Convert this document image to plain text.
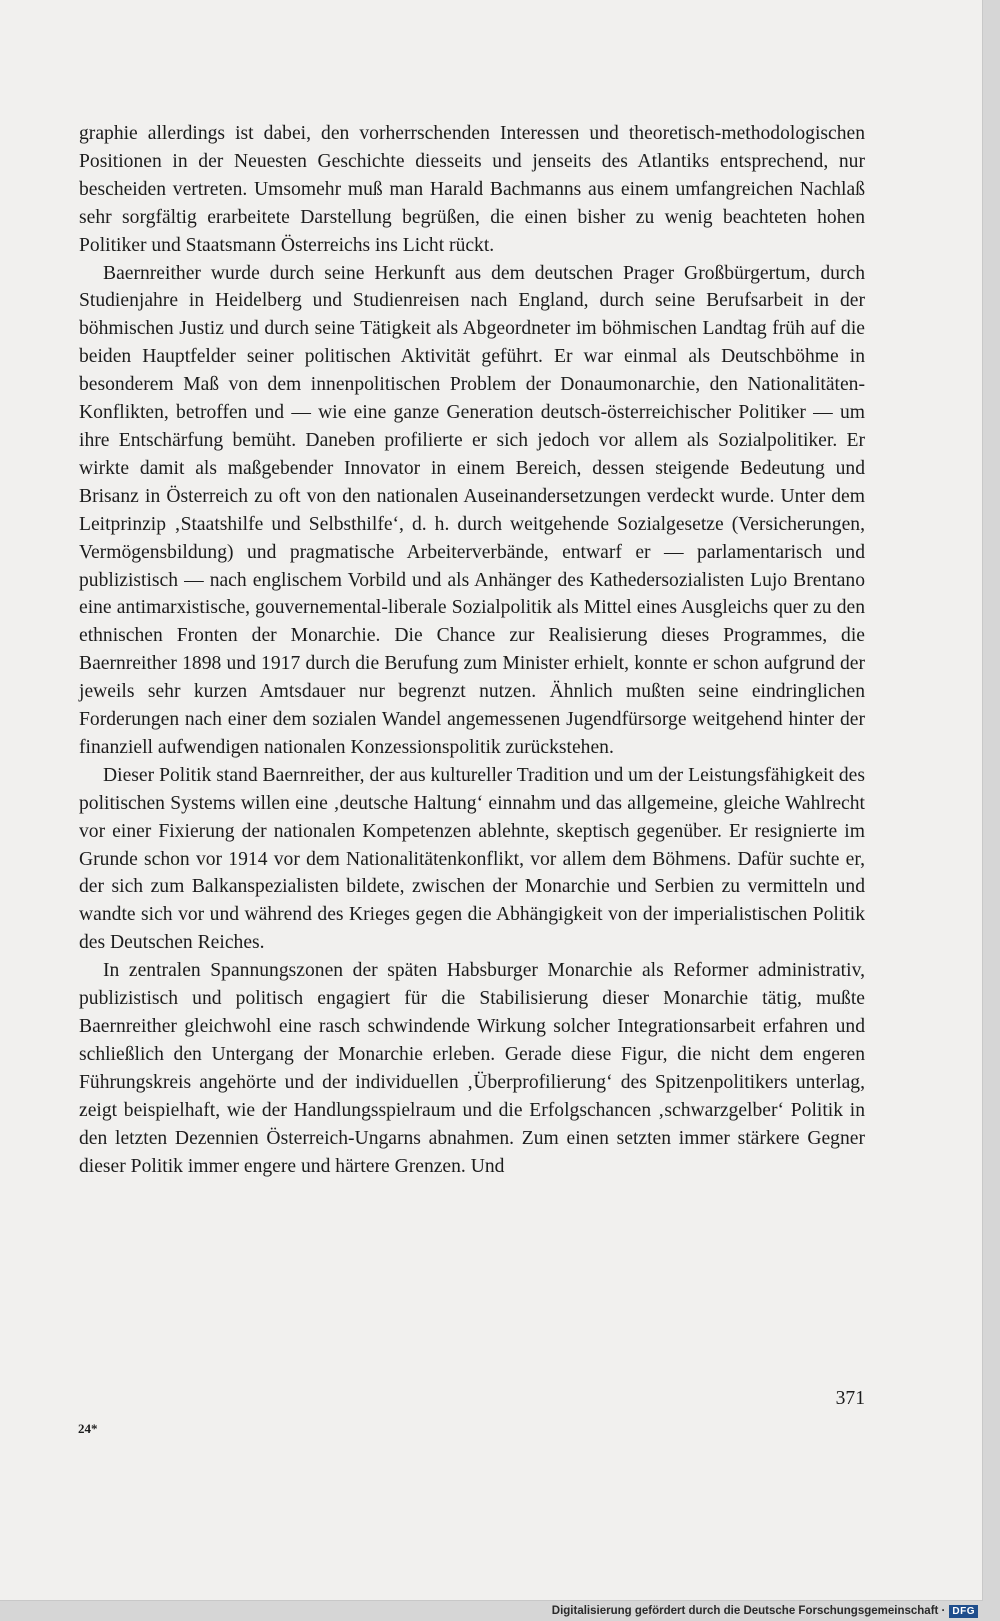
graphie allerdings ist dabei, den vorherrschenden Interessen und theoretisch-methodologischen Positionen in der Neuesten Geschichte diesseits und jenseits des Atlantiks entsprechend, nur bescheiden vertreten. Umsomehr muß man Harald Bachmanns aus einem umfangreichen Nachlaß sehr sorgfältig erarbeitete Darstellung begrüßen, die einen bisher zu wenig beachteten hohen Politiker und Staatsmann Österreichs ins Licht rückt.

Baernreither wurde durch seine Herkunft aus dem deutschen Prager Großbürgertum, durch Studienjahre in Heidelberg und Studienreisen nach England, durch seine Berufsarbeit in der böhmischen Justiz und durch seine Tätigkeit als Abgeordneter im böhmischen Landtag früh auf die beiden Hauptfelder seiner politischen Aktivität geführt. Er war einmal als Deutschböhme in besonderem Maß von dem innenpolitischen Problem der Donaumonarchie, den Nationalitäten-Konflikten, betroffen und — wie eine ganze Generation deutsch-österreichischer Politiker — um ihre Entschärfung bemüht. Daneben profilierte er sich jedoch vor allem als Sozialpolitiker. Er wirkte damit als maßgebender Innovator in einem Bereich, dessen steigende Bedeutung und Brisanz in Österreich zu oft von den nationalen Auseinandersetzungen verdeckt wurde. Unter dem Leitprinzip ‚Staatshilfe und Selbsthilfe‘, d. h. durch weitgehende Sozialgesetze (Versicherungen, Vermögensbildung) und pragmatische Arbeiterverbände, entwarf er — parlamentarisch und publizistisch — nach englischem Vorbild und als Anhänger des Kathedersozialisten Lujo Brentano eine antimarxistische, gouvernemental-liberale Sozialpolitik als Mittel eines Ausgleichs quer zu den ethnischen Fronten der Monarchie. Die Chance zur Realisierung dieses Programmes, die Baernreither 1898 und 1917 durch die Berufung zum Minister erhielt, konnte er schon aufgrund der jeweils sehr kurzen Amtsdauer nur begrenzt nutzen. Ähnlich mußten seine eindringlichen Forderungen nach einer dem sozialen Wandel angemessenen Jugendfürsorge weitgehend hinter der finanziell aufwendigen nationalen Konzessionspolitik zurückstehen.

Dieser Politik stand Baernreither, der aus kultureller Tradition und um der Leistungsfähigkeit des politischen Systems willen eine ‚deutsche Haltung‘ einnahm und das allgemeine, gleiche Wahlrecht vor einer Fixierung der nationalen Kompetenzen ablehnte, skeptisch gegenüber. Er resignierte im Grunde schon vor 1914 vor dem Nationalitätenkonflikt, vor allem dem Böhmens. Dafür suchte er, der sich zum Balkanspezialisten bildete, zwischen der Monarchie und Serbien zu vermitteln und wandte sich vor und während des Krieges gegen die Abhängigkeit von der imperialistischen Politik des Deutschen Reiches.

In zentralen Spannungszonen der späten Habsburger Monarchie als Reformer administrativ, publizistisch und politisch engagiert für die Stabilisierung dieser Monarchie tätig, mußte Baernreither gleichwohl eine rasch schwindende Wirkung solcher Integrationsarbeit erfahren und schließlich den Untergang der Monarchie erleben. Gerade diese Figur, die nicht dem engeren Führungskreis angehörte und der individuellen ‚Überprofilierung‘ des Spitzenpolitikers unterlag, zeigt beispielhaft, wie der Handlungsspielraum und die Erfolgschancen ‚schwarzgelber‘ Politik in den letzten Dezennien Österreich-Ungarns abnahmen. Zum einen setzten immer stärkere Gegner dieser Politik immer engere und härtere Grenzen. Und

371
24*
Digitalisierung gefördert durch die Deutsche Forschungsgemeinschaft · DFG
